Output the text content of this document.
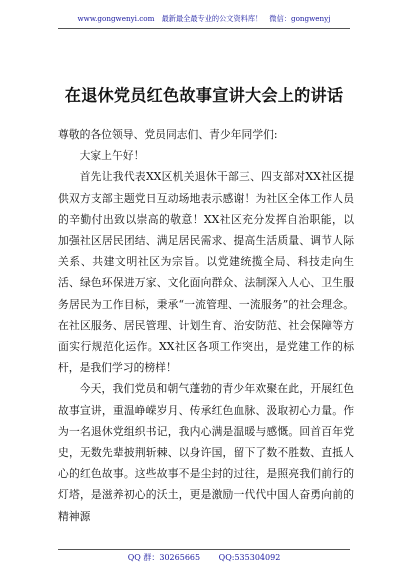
www.gongwenyi.com　最新最全最专业的公文资料库！　微信：gongwenyj
在退休党员红色故事宣讲大会上的讲话

尊敬的各位领导、党员同志们、青少年同学们:

大家上午好！

首先让我代表XX区机关退休干部三、四支部对XX社区提供双方支部主题党日互动场地表示感谢！为社区全体工作人员的辛勤付出致以崇高的敬意！XX社区充分发挥自治职能，以加强社区居民团结、满足居民需求、提高生活质量、调节人际关系、共建文明社区为宗旨。以党建统揽全局、科技走向生活、绿色环保进万家、文化面向群众、法制深入人心、卫生服务居民为工作目标，秉承“一流管理、一流服务”的社会理念。在社区服务、居民管理、计划生育、治安防范、社会保障等方面实行规范化运作。XX社区各项工作突出，是党建工作的标杆，是我们学习的榜样！

今天，我们党员和朝气蓬勃的青少年欢聚在此，开展红色故事宣讲，重温峥嵘岁月、传承红色血脉、汲取初心力量。作为一名退休党组织书记，我内心满是温暖与感慨。回首百年党史，无数先辈披荆斩棘、以身许国，留下了数不胜数、直抵人心的红色故事。这些故事不是尘封的过往，是照亮我们前行的灯塔，是滋养初心的沃土，更是激励一代代中国人奋勇向前的精神源

QQ 群：30265665 QQ:535304092
